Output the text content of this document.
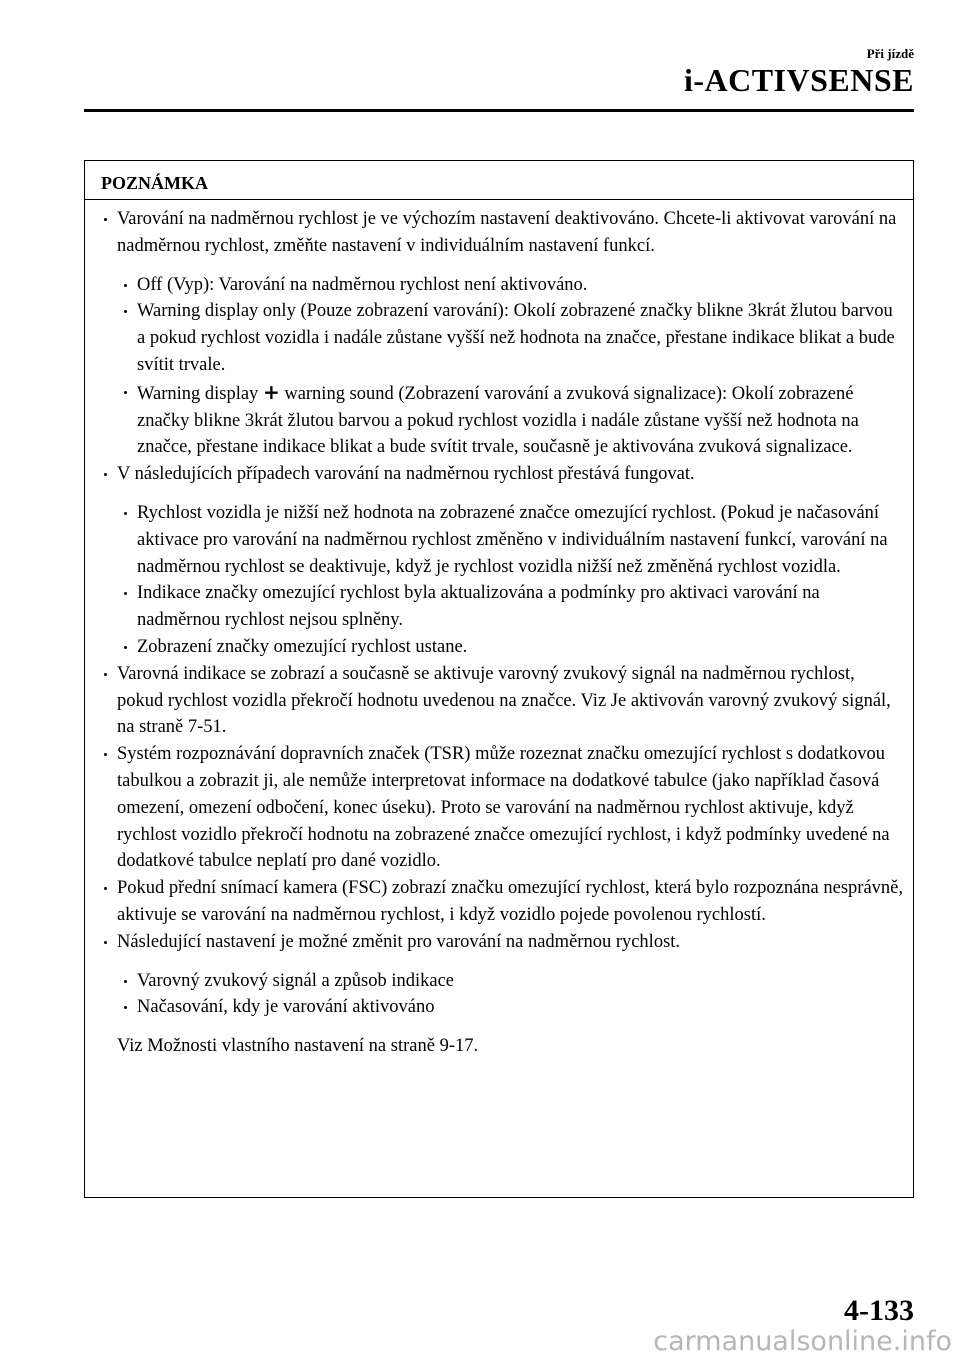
Při jízdě
i-ACTIVSENSE
POZNÁMKA
Varování na nadměrnou rychlost je ve výchozím nastavení deaktivováno. Chcete-li aktivovat varování na nadměrnou rychlost, změňte nastavení v individuálním nastavení funkcí.
Off (Vyp): Varování na nadměrnou rychlost není aktivováno.
Warning display only (Pouze zobrazení varování): Okolí zobrazené značky blikne 3krát žlutou barvou a pokud rychlost vozidla i nadále zůstane vyšší než hodnota na značce, přestane indikace blikat a bude svítit trvale.
Warning display + warning sound (Zobrazení varování a zvuková signalizace): Okolí zobrazené značky blikne 3krát žlutou barvou a pokud rychlost vozidla i nadále zůstane vyšší než hodnota na značce, přestane indikace blikat a bude svítit trvale, současně je aktivována zvuková signalizace.
V následujících případech varování na nadměrnou rychlost přestává fungovat.
Rychlost vozidla je nižší než hodnota na zobrazené značce omezující rychlost. (Pokud je načasování aktivace pro varování na nadměrnou rychlost změněno v individuálním nastavení funkcí, varování na nadměrnou rychlost se deaktivuje, když je rychlost vozidla nižší než změněná rychlost vozidla.
Indikace značky omezující rychlost byla aktualizována a podmínky pro aktivaci varování na nadměrnou rychlost nejsou splněny.
Zobrazení značky omezující rychlost ustane.
Varovná indikace se zobrazí a současně se aktivuje varovný zvukový signál na nadměrnou rychlost, pokud rychlost vozidla překročí hodnotu uvedenou na značce. Viz Je aktivován varovný zvukový signál, na straně 7-51.
Systém rozpoznávání dopravních značek (TSR) může rozeznat značku omezující rychlost s dodatkovou tabulkou a zobrazit ji, ale nemůže interpretovat informace na dodatkové tabulce (jako například časová omezení, omezení odbočení, konec úseku). Proto se varování na nadměrnou rychlost aktivuje, když rychlost vozidlo překročí hodnotu na zobrazené značce omezující rychlost, i když podmínky uvedené na dodatkové tabulce neplatí pro dané vozidlo.
Pokud přední snímací kamera (FSC) zobrazí značku omezující rychlost, která bylo rozpoznána nesprávně, aktivuje se varování na nadměrnou rychlost, i když vozidlo pojede povolenou rychlostí.
Následující nastavení je možné změnit pro varování na nadměrnou rychlost.
Varovný zvukový signál a způsob indikace
Načasování, kdy je varování aktivováno
Viz Možnosti vlastního nastavení na straně 9-17.
4-133
carmanualsonline.info
